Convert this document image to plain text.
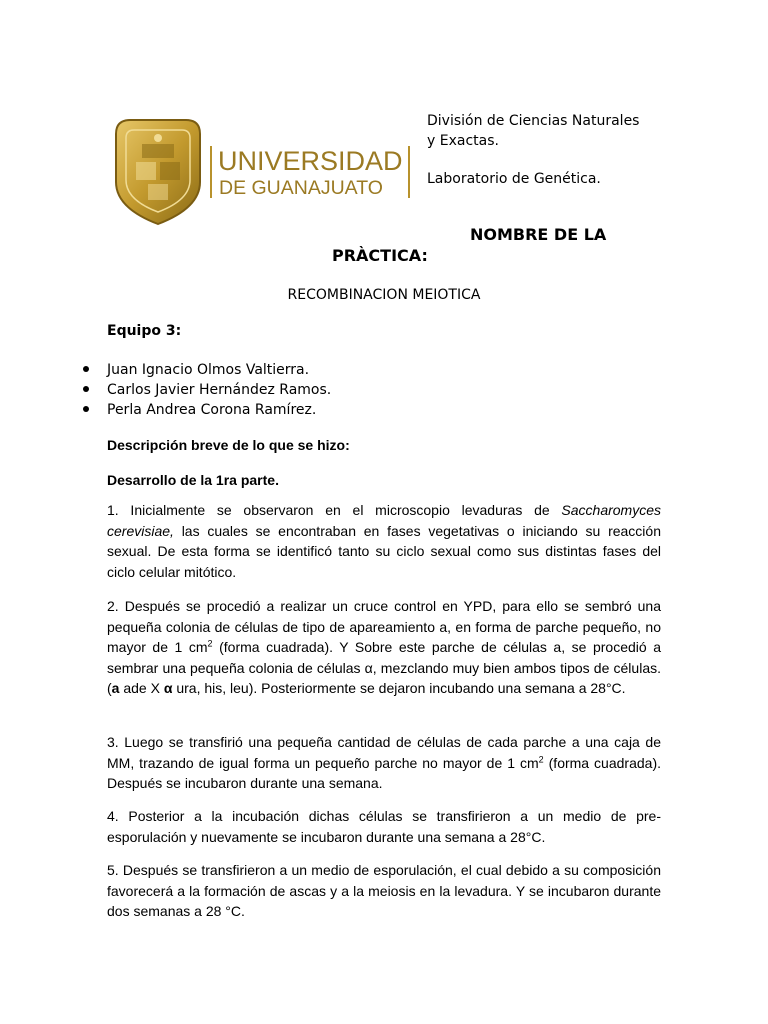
UNIVERSIDAD
DE GUANAJUATO

División de Ciencias Naturales

y Exactas.

Laboratorio de Genética.

NOMBRE DE LA
PRÀCTICA:
RECOMBINACION MEIOTICA
Equipo 3:
Juan Ignacio Olmos Valtierra.
Carlos Javier Hernández Ramos.
Perla Andrea Corona Ramírez.
Descripción breve de lo que se hizo:
Desarrollo de la 1ra parte.

1. Inicialmente se observaron en el microscopio levaduras de Saccharomyces cerevisiae, las cuales se encontraban en fases vegetativas o iniciando su reacción sexual. De esta forma se identificó tanto su ciclo sexual como sus distintas fases del ciclo celular mitótico.

2. Después se procedió a realizar un cruce control en YPD, para ello se sembró una pequeña colonia de células de tipo de apareamiento a, en forma de parche pequeño, no mayor de 1 $cm^2$ (forma cuadrada). Y Sobre este parche de células a, se procedió a sembrar una pequeña colonia de células α, mezclando muy bien ambos tipos de células. (a ade X α ura, his, leu). Posteriormente se dejaron incubando una semana a 28°C.

3. Luego se transfirió una pequeña cantidad de células de cada parche a una caja de MM, trazando de igual forma un pequeño parche no mayor de 1 $cm^2$ (forma cuadrada). Después se incubaron durante una semana.

4. Posterior a la incubación dichas células se transfirieron a un medio de pre-esporulación y nuevamente se incubaron durante una semana a 28°C.

5. Después se transfirieron a un medio de esporulación, el cual debido a su composición favorecerá a la formación de ascas y a la meiosis en la levadura. Y se incubaron durante dos semanas a 28 °C.
